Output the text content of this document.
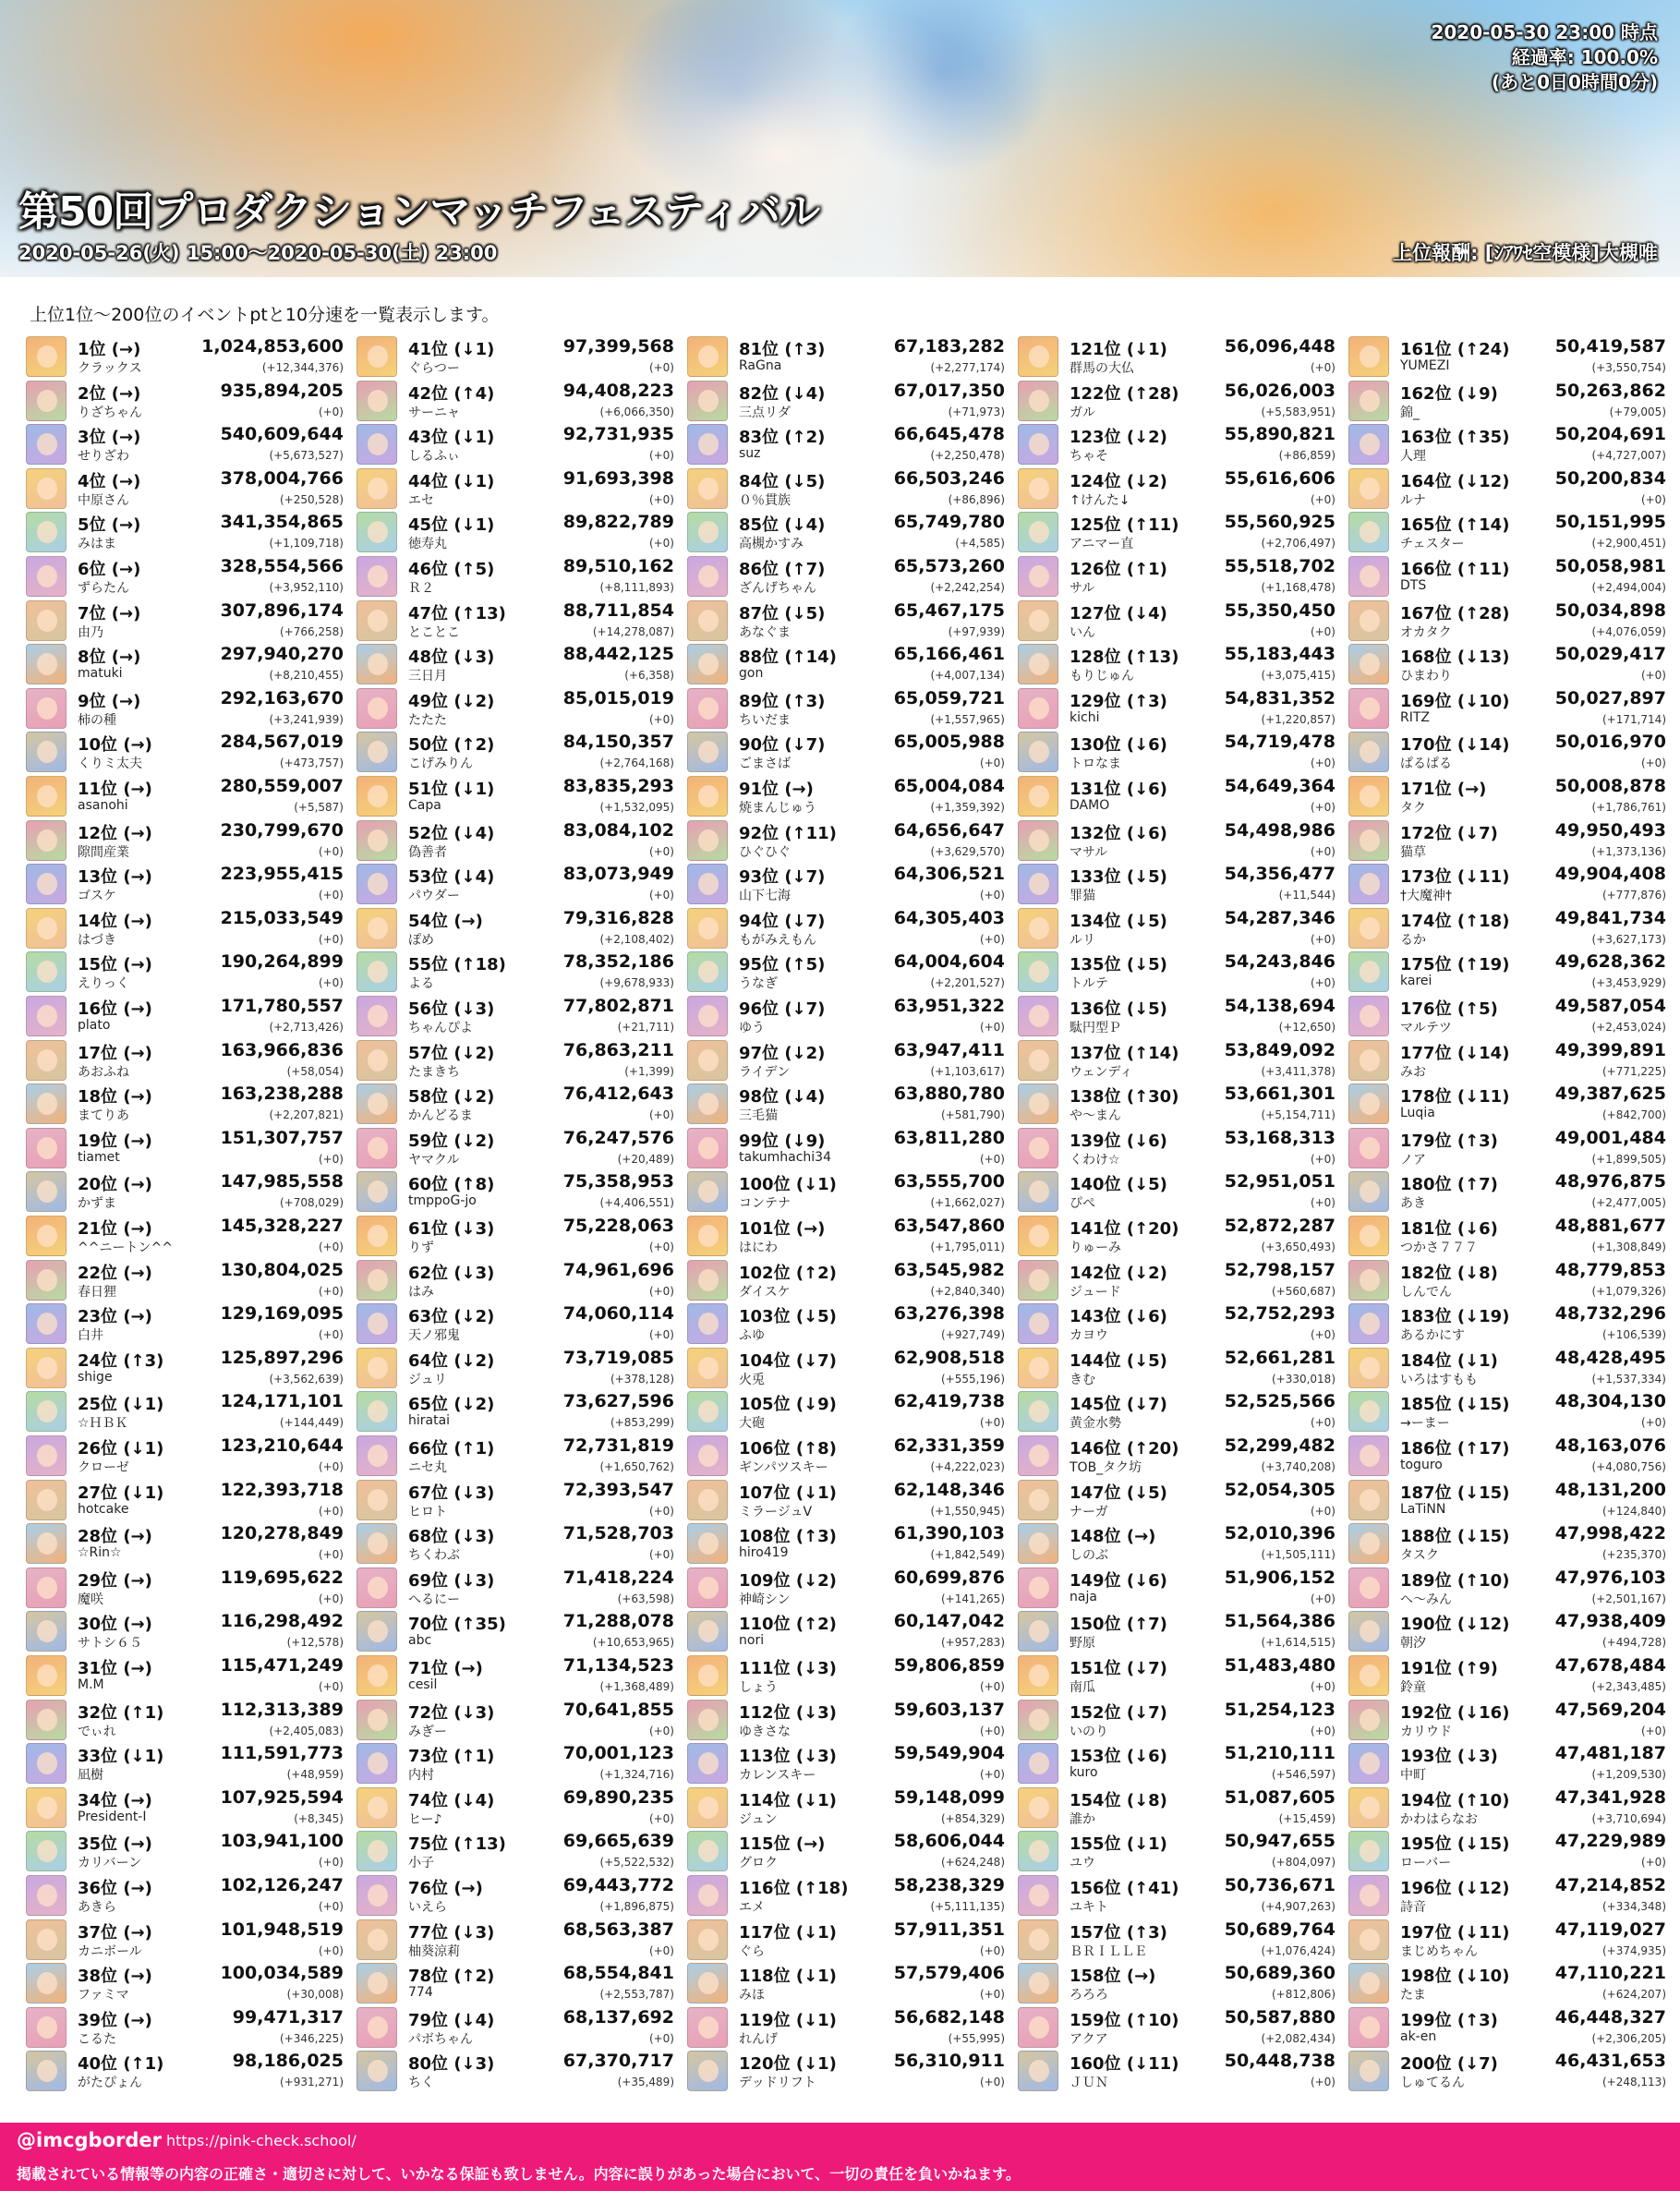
2020-05-30 23:00 時点
経過率: 100.0%
(あと0日0時間0分)
第50回プロダクションマッチフェスティバル
2020-05-26(火) 15:00〜2020-05-30(土) 23:00	上位報酬: [ｼｱﾜｾ空模様]大槻唯
上位1位～200位のイベントptと10分速を一覧表示します。
1位 (→)	1,024,853,600
クラックス	(+12,344,376)
2位 (→)	935,894,205
りざちゃん	(+0)
3位 (→)	540,609,644
せりざわ	(+5,673,527)
4位 (→)	378,004,766
中原さん	(+250,528)
5位 (→)	341,354,865
みはま	(+1,109,718)
6位 (→)	328,554,566
ずらたん	(+3,952,110)
7位 (→)	307,896,174
由乃	(+766,258)
8位 (→)	297,940,270
matuki	(+8,210,455)
9位 (→)	292,163,670
柿の種	(+3,241,939)
10位 (→)	284,567,019
くりミ太夫	(+473,757)
11位 (→)	280,559,007
asanohi	(+5,587)
12位 (→)	230,799,670
隙間産業	(+0)
13位 (→)	223,955,415
ゴスケ	(+0)
14位 (→)	215,033,549
はづき	(+0)
15位 (→)	190,264,899
えりっく	(+0)
16位 (→)	171,780,557
plato	(+2,713,426)
17位 (→)	163,966,836
あおふね	(+58,054)
18位 (→)	163,238,288
まてりあ	(+2,207,821)
19位 (→)	151,307,757
tiamet	(+0)
20位 (→)	147,985,558
かずま	(+708,029)
21位 (→)	145,328,227
^^ニートン^^	(+0)
22位 (→)	130,804,025
春日狸	(+0)
23位 (→)	129,169,095
白井	(+0)
24位 (↑3)	125,897,296
shige	(+3,562,639)
25位 (↓1)	124,171,101
☆ＨＢＫ	(+144,449)
26位 (↓1)	123,210,644
クローゼ	(+0)
27位 (↓1)	122,393,718
hotcake	(+0)
28位 (→)	120,278,849
☆Rin☆	(+0)
29位 (→)	119,695,622
魔咲	(+0)
30位 (→)	116,298,492
サトシ６５	(+12,578)
31位 (→)	115,471,249
M.M	(+0)
32位 (↑1)	112,313,389
でぃれ	(+2,405,083)
33位 (↓1)	111,591,773
凪樹	(+48,959)
34位 (→)	107,925,594
President-I	(+8,345)
35位 (→)	103,941,100
カリバーン	(+0)
36位 (→)	102,126,247
あきら	(+0)
37位 (→)	101,948,519
カニボール	(+0)
38位 (→)	100,034,589
ファミマ	(+30,008)
39位 (→)	99,471,317
こるた	(+346,225)
40位 (↑1)	98,186,025
がたぴょん	(+931,271)
41位 (↓1)	97,399,568
ぐらつー	(+0)
42位 (↑4)	94,408,223
サーニャ	(+6,066,350)
43位 (↓1)	92,731,935
しるふぃ	(+0)
44位 (↓1)	91,693,398
エセ	(+0)
45位 (↓1)	89,822,789
徳寿丸	(+0)
46位 (↑5)	89,510,162
Ｒ２	(+8,111,893)
47位 (↑13)	88,711,854
とことこ	(+14,278,087)
48位 (↓3)	88,442,125
三日月	(+6,358)
49位 (↓2)	85,015,019
たたた	(+0)
50位 (↑2)	84,150,357
こげみりん	(+2,764,168)
51位 (↓1)	83,835,293
Capa	(+1,532,095)
52位 (↓4)	83,084,102
偽善者	(+0)
53位 (↓4)	83,073,949
パウダー	(+0)
54位 (→)	79,316,828
ぽめ	(+2,108,402)
55位 (↑18)	78,352,186
よる	(+9,678,933)
56位 (↓3)	77,802,871
ちゃんぴよ	(+21,711)
57位 (↓2)	76,863,211
たまきち	(+1,399)
58位 (↓2)	76,412,643
かんどるま	(+0)
59位 (↓2)	76,247,576
ヤマクル	(+20,489)
60位 (↑8)	75,358,953
tmppoG-jo	(+4,406,551)
61位 (↓3)	75,228,063
りず	(+0)
62位 (↓3)	74,961,696
はみ	(+0)
63位 (↓2)	74,060,114
天ノ邪鬼	(+0)
64位 (↓2)	73,719,085
ジュリ	(+378,128)
65位 (↓2)	73,627,596
hiratai	(+853,299)
66位 (↑1)	72,731,819
ニセ丸	(+1,650,762)
67位 (↓3)	72,393,547
ヒロト	(+0)
68位 (↓3)	71,528,703
ちくわぶ	(+0)
69位 (↓3)	71,418,224
へるにー	(+63,598)
70位 (↑35)	71,288,078
abc	(+10,653,965)
71位 (→)	71,134,523
cesil	(+1,368,489)
72位 (↓3)	70,641,855
みぎー	(+0)
73位 (↑1)	70,001,123
内村	(+1,324,716)
74位 (↓4)	69,890,235
ヒー♪	(+0)
75位 (↑13)	69,665,639
小子	(+5,522,532)
76位 (→)	69,443,772
いえら	(+1,896,875)
77位 (↓3)	68,563,387
柚葵涼莉	(+0)
78位 (↑2)	68,554,841
774	(+2,553,787)
79位 (↓4)	68,137,692
パボちゃん	(+0)
80位 (↓3)	67,370,717
ちく	(+35,489)
81位 (↑3)	67,183,282
RaGna	(+2,277,174)
82位 (↓4)	67,017,350
三点リダ	(+71,973)
83位 (↑2)	66,645,478
suz	(+2,250,478)
84位 (↓5)	66,503,246
０％貫族	(+86,896)
85位 (↓4)	65,749,780
高槻かすみ	(+4,585)
86位 (↑7)	65,573,260
ざんげちゃん	(+2,242,254)
87位 (↓5)	65,467,175
あなぐま	(+97,939)
88位 (↑14)	65,166,461
gon	(+4,007,134)
89位 (↑3)	65,059,721
ちいだま	(+1,557,965)
90位 (↓7)	65,005,988
ごまさば	(+0)
91位 (→)	65,004,084
焼まんじゅう	(+1,359,392)
92位 (↑11)	64,656,647
ひぐひぐ	(+3,629,570)
93位 (↓7)	64,306,521
山下七海	(+0)
94位 (↓7)	64,305,403
もがみえもん	(+0)
95位 (↑5)	64,004,604
うなぎ	(+2,201,527)
96位 (↓7)	63,951,322
ゆう	(+0)
97位 (↓2)	63,947,411
ライデン	(+1,103,617)
98位 (↓4)	63,880,780
三毛猫	(+581,790)
99位 (↓9)	63,811,280
takumhachi34	(+0)
100位 (↓1)	63,555,700
コンテナ	(+1,662,027)
101位 (→)	63,547,860
はにわ	(+1,795,011)
102位 (↑2)	63,545,982
ダイスケ	(+2,840,340)
103位 (↓5)	63,276,398
ふゆ	(+927,749)
104位 (↓7)	62,908,518
火兎	(+555,196)
105位 (↓9)	62,419,738
大砲	(+0)
106位 (↑8)	62,331,359
ギンパツスキー	(+4,222,023)
107位 (↓1)	62,148,346
ミラージュV	(+1,550,945)
108位 (↑3)	61,390,103
hiro419	(+1,842,549)
109位 (↓2)	60,699,876
神崎シン	(+141,265)
110位 (↑2)	60,147,042
nori	(+957,283)
111位 (↓3)	59,806,859
しょう	(+0)
112位 (↓3)	59,603,137
ゆきさな	(+0)
113位 (↓3)	59,549,904
カレンスキー	(+0)
114位 (↓1)	59,148,099
ジュン	(+854,329)
115位 (→)	58,606,044
グロク	(+624,248)
116位 (↑18)	58,238,329
エメ	(+5,111,135)
117位 (↓1)	57,911,351
ぐら	(+0)
118位 (↓1)	57,579,406
みほ	(+0)
119位 (↓1)	56,682,148
れんげ	(+55,995)
120位 (↓1)	56,310,911
デッドリフト	(+0)
121位 (↓1)	56,096,448
群馬の大仏	(+0)
122位 (↑28)	56,026,003
ガル	(+5,583,951)
123位 (↓2)	55,890,821
ちゃそ	(+86,859)
124位 (↓2)	55,616,606
↑けんた↓	(+0)
125位 (↑11)	55,560,925
アニマー直	(+2,706,497)
126位 (↑1)	55,518,702
サル	(+1,168,478)
127位 (↓4)	55,350,450
いん	(+0)
128位 (↑13)	55,183,443
もりじゅん	(+3,075,415)
129位 (↑3)	54,831,352
kichi	(+1,220,857)
130位 (↓6)	54,719,478
トロなま	(+0)
131位 (↓6)	54,649,364
DAMO	(+0)
132位 (↓6)	54,498,986
マサル	(+0)
133位 (↓5)	54,356,477
罪猫	(+11,544)
134位 (↓5)	54,287,346
ルリ	(+0)
135位 (↓5)	54,243,846
トルテ	(+0)
136位 (↓5)	54,138,694
駄円型Ｐ	(+12,650)
137位 (↑14)	53,849,092
ウェンディ	(+3,411,378)
138位 (↑30)	53,661,301
や～まん	(+5,154,711)
139位 (↓6)	53,168,313
くわけ☆	(+0)
140位 (↓5)	52,951,051
ぴぺ	(+0)
141位 (↑20)	52,872,287
りゅーみ	(+3,650,493)
142位 (↓2)	52,798,157
ジュード	(+560,687)
143位 (↓6)	52,752,293
カヨウ	(+0)
144位 (↓5)	52,661,281
きむ	(+330,018)
145位 (↓7)	52,525,566
黄金水勢	(+0)
146位 (↑20)	52,299,482
TOB_タク坊	(+3,740,208)
147位 (↓5)	52,054,305
ナーガ	(+0)
148位 (→)	52,010,396
しのぶ	(+1,505,111)
149位 (↓6)	51,906,152
naja	(+0)
150位 (↑7)	51,564,386
野原	(+1,614,515)
151位 (↓7)	51,483,480
南瓜	(+0)
152位 (↓7)	51,254,123
いのり	(+0)
153位 (↓6)	51,210,111
kuro	(+546,597)
154位 (↓8)	51,087,605
誰か	(+15,459)
155位 (↓1)	50,947,655
ユウ	(+804,097)
156位 (↑41)	50,736,671
ユキト	(+4,907,263)
157位 (↑3)	50,689,764
ＢＲＩＬＬＥ	(+1,076,424)
158位 (→)	50,689,360
ろろろ	(+812,806)
159位 (↑10)	50,587,880
アクア	(+2,082,434)
160位 (↓11)	50,448,738
ＪＵＮ	(+0)
161位 (↑24)	50,419,587
YUMEZI	(+3,550,754)
162位 (↓9)	50,263,862
錦_	(+79,005)
163位 (↑35)	50,204,691
人理	(+4,727,007)
164位 (↓12)	50,200,834
ルナ	(+0)
165位 (↑14)	50,151,995
チェスター	(+2,900,451)
166位 (↑11)	50,058,981
DTS	(+2,494,004)
167位 (↑28)	50,034,898
オカタク	(+4,076,059)
168位 (↓13)	50,029,417
ひまわり	(+0)
169位 (↓10)	50,027,897
RITZ	(+171,714)
170位 (↓14)	50,016,970
ぱるぱる	(+0)
171位 (→)	50,008,878
タク	(+1,786,761)
172位 (↓7)	49,950,493
猫草	(+1,373,136)
173位 (↓11)	49,904,408
†大魔神†	(+777,876)
174位 (↑18)	49,841,734
るか	(+3,627,173)
175位 (↑19)	49,628,362
karei	(+3,453,929)
176位 (↑5)	49,587,054
マルテツ	(+2,453,024)
177位 (↓14)	49,399,891
みお	(+771,225)
178位 (↓11)	49,387,625
Luqia	(+842,700)
179位 (↑3)	49,001,484
ノア	(+1,899,505)
180位 (↑7)	48,976,875
あき	(+2,477,005)
181位 (↓6)	48,881,677
つかさ７７７	(+1,308,849)
182位 (↓8)	48,779,853
しんでん	(+1,079,326)
183位 (↓19)	48,732,296
あるかにす	(+106,539)
184位 (↓1)	48,428,495
いろはすもも	(+1,537,334)
185位 (↓15)	48,304,130
→ーまー	(+0)
186位 (↑17)	48,163,076
toguro	(+4,080,756)
187位 (↓15)	48,131,200
LaTiNN	(+124,840)
188位 (↓15)	47,998,422
タスク	(+235,370)
189位 (↑10)	47,976,103
へ～みん	(+2,501,167)
190位 (↓12)	47,938,409
朝汐	(+494,728)
191位 (↑9)	47,678,484
鈴童	(+2,343,485)
192位 (↓16)	47,569,204
カリウド	(+0)
193位 (↓3)	47,481,187
中町	(+1,209,530)
194位 (↑10)	47,341,928
かわはらなお	(+3,710,694)
195位 (↓15)	47,229,989
ローバー	(+0)
196位 (↓12)	47,214,852
詩音	(+334,348)
197位 (↓11)	47,119,027
まじめちゃん	(+374,935)
198位 (↓10)	47,110,221
たま	(+624,207)
199位 (↑3)	46,448,327
ak-en	(+2,306,205)
200位 (↓7)	46,431,653
しゅてるん	(+248,113)
@imcgborder https://pink-check.school/
掲載されている情報等の内容の正確さ・適切さに対して、いかなる保証も致しません。内容に誤りがあった場合において、一切の責任を負いかねます。
